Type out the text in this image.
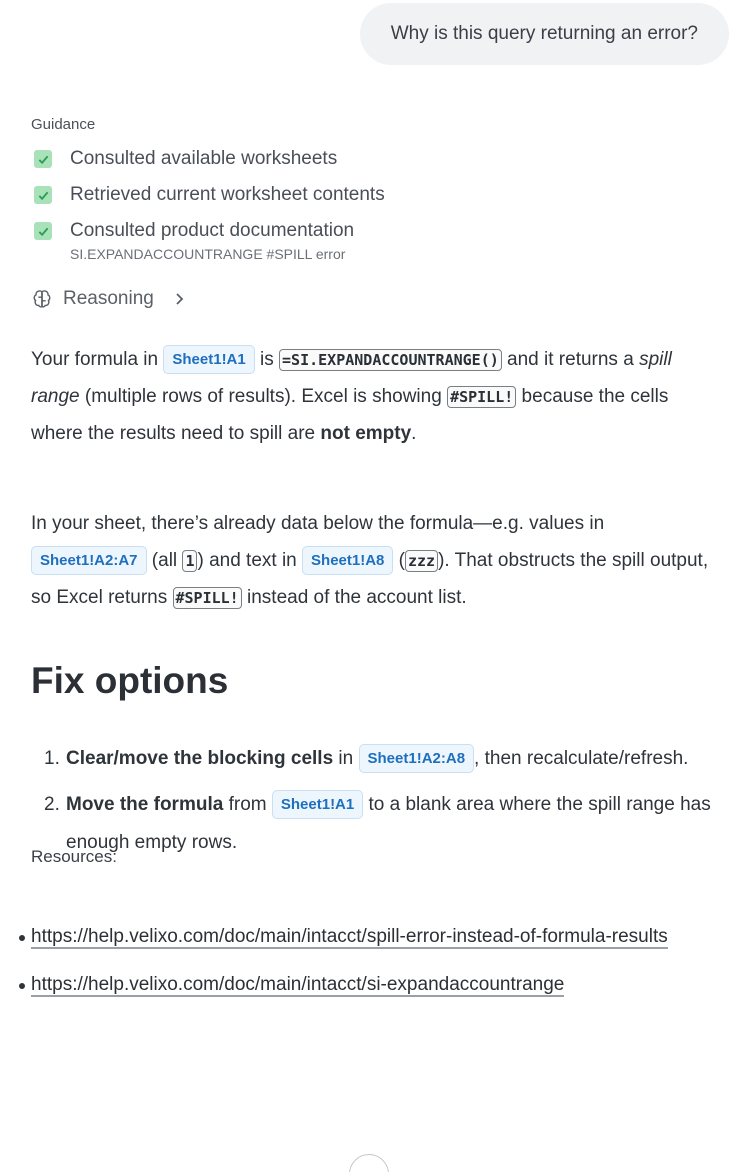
Why is this query returning an error?
Guidance
Consulted available worksheets
Retrieved current worksheet contents
Consulted product documentation
SI.EXPANDACCOUNTRANGE #SPILL error
Reasoning
Your formula in Sheet1!A1 is =SI.EXPANDACCOUNTRANGE() and it returns a spill range (multiple rows of results). Excel is showing #SPILL! because the cells where the results need to spill are not empty.
In your sheet, there’s already data below the formula—e.g. values in Sheet1!A2:A7 (all 1 ) and text in Sheet1!A8 ( zzz ). That obstructs the spill output, so Excel returns #SPILL! instead of the account list.
Fix options
1. Clear/move the blocking cells in Sheet1!A2:A8 , then recalculate/refresh.
2. Move the formula from Sheet1!A1 to a blank area where the spill range has enough empty rows.
Resources:
https://help.velixo.com/doc/main/intacct/spill-error-instead-of-formula-results
https://help.velixo.com/doc/main/intacct/si-expandaccountrange
